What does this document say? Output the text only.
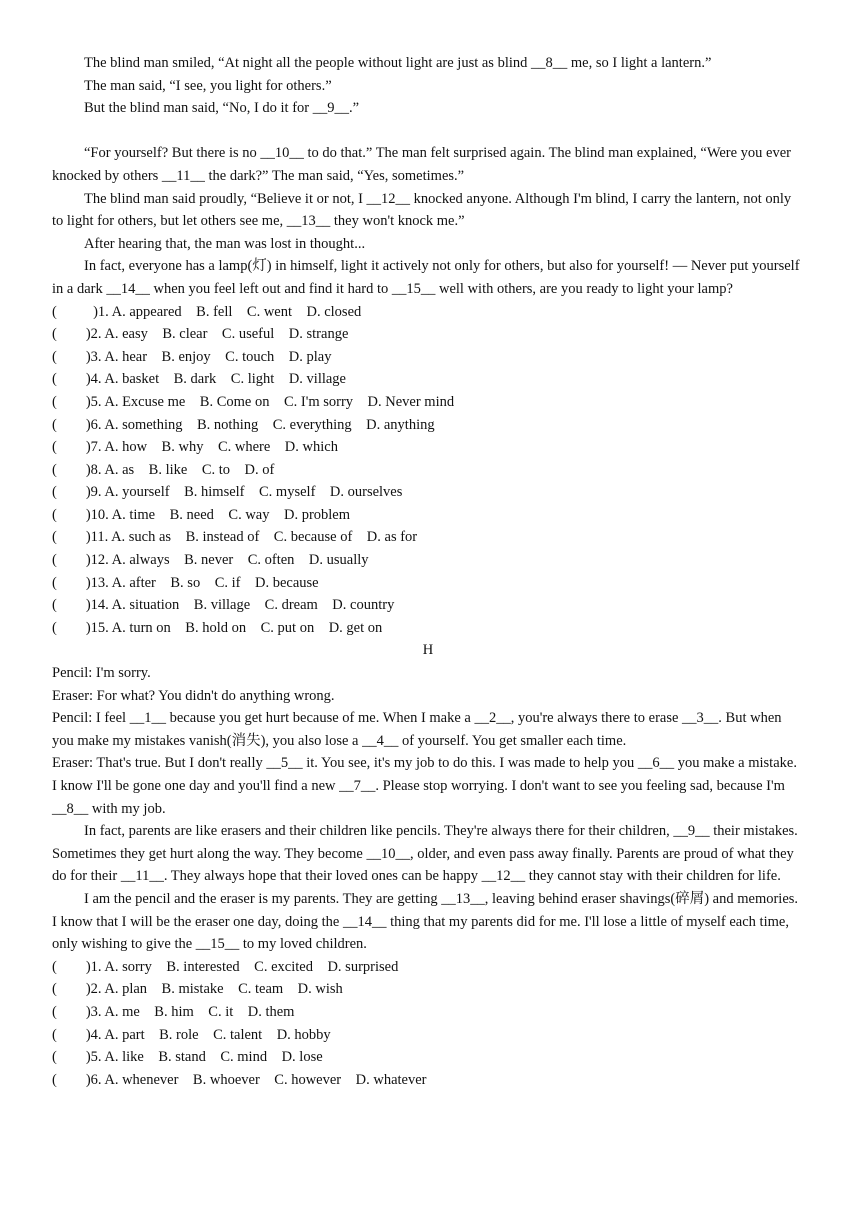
The blind man smiled, “At night all the people without light are just as blind __8__ me, so I light a lantern.”

The man said, “I see, you light for others.”

But the blind man said, “No, I do it for __9__.”

“For yourself? But there is no __10__ to do that.” The man felt surprised again. The blind man explained, “Were you ever knocked by others __11__ the dark?” The man said, “Yes, sometimes.”

The blind man said proudly, “Believe it or not, I __12__ knocked anyone. Although I'm blind, I carry the lantern, not only to light for others, but let others see me, __13__ they won't knock me.”

After hearing that, the man was lost in thought...

In fact, everyone has a lamp(灯) in himself, light it actively not only for others, but also for yourself! — Never put yourself in a dark __14__ when you feel left out and find it hard to __15__ well with others, are you ready to light your lamp?

(          )1. A. appeared    B. fell    C. went    D. closed

(        )2. A. easy    B. clear    C. useful    D. strange

(        )3. A. hear    B. enjoy    C. touch    D. play

(        )4. A. basket    B. dark    C. light    D. village

(        )5. A. Excuse me    B. Come on    C. I'm sorry    D. Never mind

(        )6. A. something    B. nothing    C. everything    D. anything

(        )7. A. how    B. why    C. where    D. which

(        )8. A. as    B. like    C. to    D. of

(        )9. A. yourself    B. himself    C. myself    D. ourselves

(        )10. A. time    B. need    C. way    D. problem

(        )11. A. such as    B. instead of    C. because of    D. as for

(        )12. A. always    B. never    C. often    D. usually

(        )13. A. after    B. so    C. if    D. because

(        )14. A. situation    B. village    C. dream    D. country

(        )15. A. turn on    B. hold on    C. put on    D. get on

H

Pencil: I'm sorry.

Eraser: For what? You didn't do anything wrong.

Pencil: I feel __1__ because you get hurt because of me. When I make a __2__, you're always there to erase __3__. But when you make my mistakes vanish(消失), you also lose a __4__ of yourself. You get smaller each time.

Eraser: That's true. But I don't really __5__ it. You see, it's my job to do this. I was made to help you __6__ you make a mistake. I know I'll be gone one day and you'll find a new __7__. Please stop worrying. I don't want to see you feeling sad, because I'm __8__ with my job.

In fact, parents are like erasers and their children like pencils. They're always there for their children, __9__ their mistakes. Sometimes they get hurt along the way. They become __10__, older, and even pass away finally. Parents are proud of what they do for their __11__. They always hope that their loved ones can be happy __12__ they cannot stay with their children for life.

I am the pencil and the eraser is my parents. They are getting __13__, leaving behind eraser shavings(碎屑) and memories. I know that I will be the eraser one day, doing the __14__ thing that my parents did for me. I'll lose a little of myself each time, only wishing to give the __15__ to my loved children.

(        )1. A. sorry    B. interested    C. excited    D. surprised

(        )2. A. plan    B. mistake    C. team    D. wish

(        )3. A. me    B. him    C. it    D. them

(        )4. A. part    B. role    C. talent    D. hobby

(        )5. A. like    B. stand    C. mind    D. lose

(        )6. A. whenever    B. whoever    C. however    D. whatever
